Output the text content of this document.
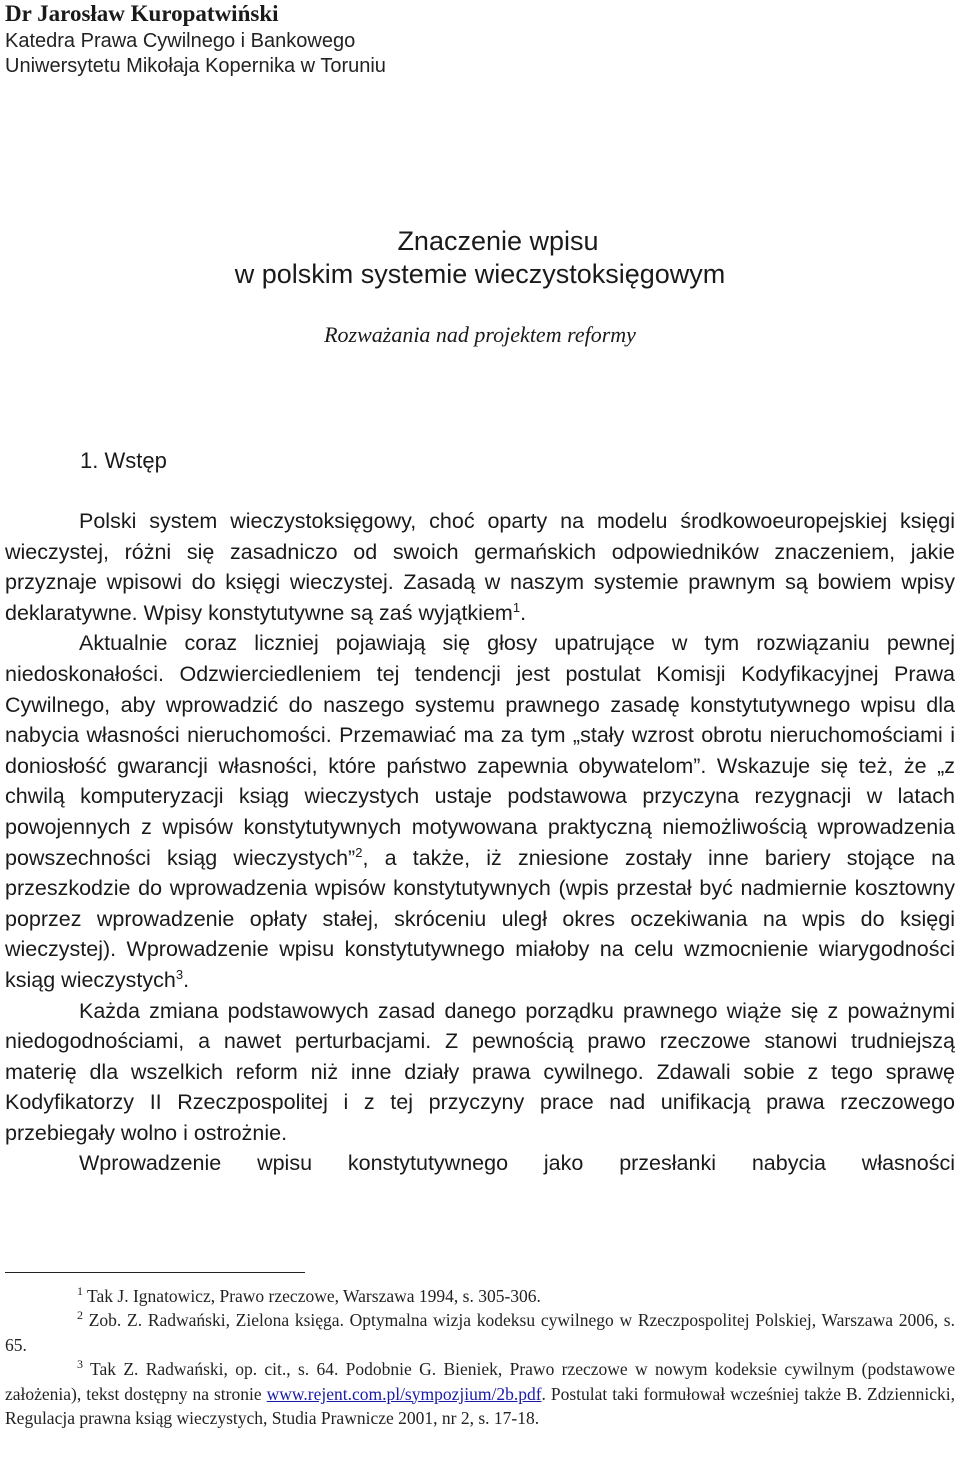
Dr Jarosław Kuropatwiński
Katedra Prawa Cywilnego i Bankowego
Uniwersytetu Mikołaja Kopernika w Toruniu
Znaczenie wpisu
w polskim systemie wieczystoksięgowym
Rozważania nad projektem reformy
1. Wstęp

Polski system wieczystoksięgowy, choć oparty na modelu środkowoeuropejskiej księgi wieczystej, różni się zasadniczo od swoich germańskich odpowiedników znaczeniem, jakie przyznaje wpisowi do księgi wieczystej. Zasadą w naszym systemie prawnym są bowiem wpisy deklaratywne. Wpisy konstytutywne są zaś wyjątkiem$^1$.

Aktualnie coraz liczniej pojawiają się głosy upatrujące w tym rozwiązaniu pewnej niedoskonałości. Odzwierciedleniem tej tendencji jest postulat Komisji Kodyfikacyjnej Prawa Cywilnego, aby wprowadzić do naszego systemu prawnego zasadę konstytutywnego wpisu dla nabycia własności nieruchomości. Przemawiać ma za tym „stały wzrost obrotu nieruchomościami i doniosłość gwarancji własności, które państwo zapewnia obywatelom”. Wskazuje się też, że „z chwilą komputeryzacji ksiąg wieczystych ustaje podstawowa przyczyna rezygnacji w latach powojennych z wpisów konstytutywnych motywowana praktyczną niemożliwością wprowadzenia powszechności ksiąg wieczystych”$^2$, a także, iż zniesione zostały inne bariery stojące na przeszkodzie do wprowadzenia wpisów konstytutywnych (wpis przestał być nadmiernie kosztowny poprzez wprowadzenie opłaty stałej, skróceniu uległ okres oczekiwania na wpis do księgi wieczystej). Wprowadzenie wpisu konstytutywnego miałoby na celu wzmocnienie wiarygodności ksiąg wieczystych$^3$.

Każda zmiana podstawowych zasad danego porządku prawnego wiąże się z poważnymi niedogodnościami, a nawet perturbacjami. Z pewnością prawo rzeczowe stanowi trudniejszą materię dla wszelkich reform niż inne działy prawa cywilnego. Zdawali sobie z tego sprawę Kodyfikatorzy II Rzeczpospolitej i z tej przyczyny prace nad unifikacją prawa rzeczowego przebiegały wolno i ostrożnie.

Wprowadzenie wpisu konstytutywnego jako przesłanki nabycia własności

$^1$ Tak J. Ignatowicz, Prawo rzeczowe, Warszawa 1994, s. 305-306.

$^2$ Zob. Z. Radwański, Zielona księga. Optymalna wizja kodeksu cywilnego w Rzeczpospolitej Polskiej, Warszawa 2006, s. 65.

$^3$ Tak Z. Radwański, op. cit., s. 64. Podobnie G. Bieniek, Prawo rzeczowe w nowym kodeksie cywilnym (podstawowe założenia), tekst dostępny na stronie www.rejent.com.pl/sympozjium/2b.pdf. Postulat taki formułował wcześniej także B. Zdziennicki, Regulacja prawna ksiąg wieczystych, Studia Prawnicze 2001, nr 2, s. 17-18.
